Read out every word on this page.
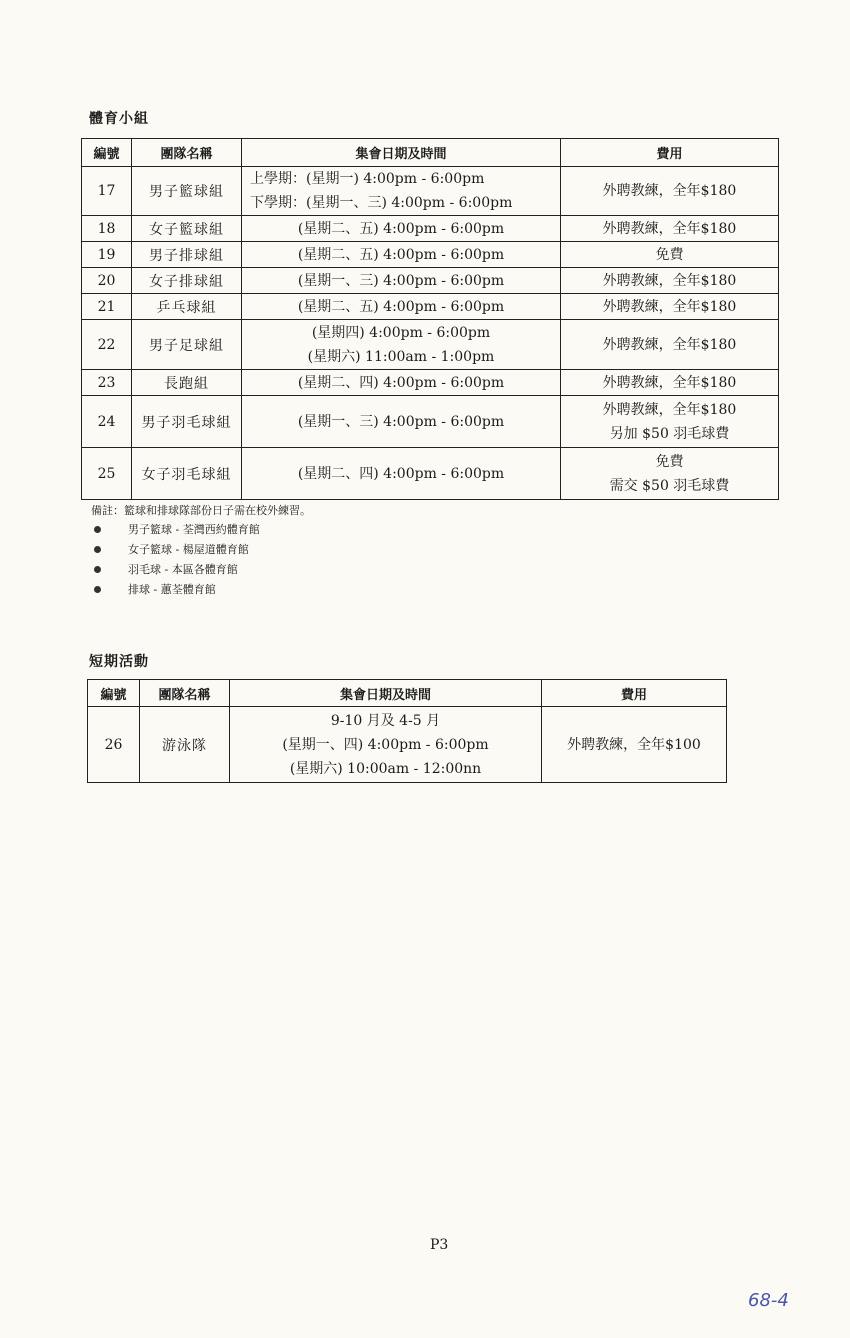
體育小組
編號	團隊名稱	集會日期及時間	費用
17	男子籃球組	上學期：(星期一) 4:00pm - 6:00pm
下學期：(星期一、三) 4:00pm - 6:00pm	外聘教練，全年$180

18	女子籃球組	(星期二、五) 4:00pm - 6:00pm	外聘教練，全年$180

19	男子排球組	(星期二、五) 4:00pm - 6:00pm	免費

20	女子排球組	(星期一、三) 4:00pm - 6:00pm	外聘教練，全年$180

21	乒乓球組	(星期二、五) 4:00pm - 6:00pm	外聘教練，全年$180

22	男子足球組	(星期四) 4:00pm - 6:00pm
(星期六) 11:00am - 1:00pm	外聘教練，全年$180

23	長跑組	(星期二、四) 4:00pm - 6:00pm	外聘教練，全年$180

24	男子羽毛球組	(星期一、三) 4:00pm - 6:00pm	外聘教練，全年$180
另加 $50 羽毛球費

25	女子羽毛球組	(星期二、四) 4:00pm - 6:00pm	免費
需交 $50 羽毛球費
備註：籃球和排球隊部份日子需在校外練習。
男子籃球 - 荃灣西約體育館
女子籃球 - 楊屋道體育館
羽毛球 - 本區各體育館
排球 - 蕙荃體育館
短期活動
編號	團隊名稱	集會日期及時間	費用
26	游泳隊	9-10 月及 4-5 月
(星期一、四) 4:00pm - 6:00pm
(星期六) 10:00am - 12:00nn	外聘教練，全年$100
P3
68-4
